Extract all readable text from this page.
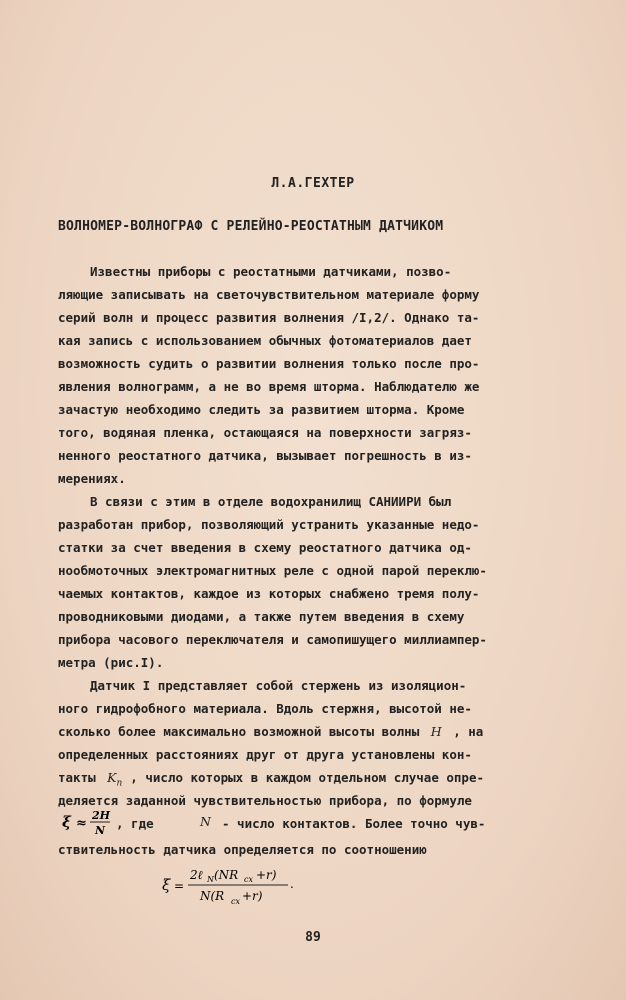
Л.А.ГЕХТЕР
ВОЛНОМЕР-ВОЛНОГРАФ С РЕЛЕЙНО-РЕОСТАТНЫМ ДАТЧИКОМ
Известны приборы с реостатными датчиками, позво-
ляющие записывать на светочувствительном материале форму
серий волн и процесс развития волнения /I,2/. Однако та-
кая запись с использованием обычных фотоматериалов дает
возможность судить о развитии волнения только после про-
явления волнограмм, а не во время шторма. Наблюдателю же
зачастую необходимо следить за развитием шторма. Кроме
того, водяная пленка, остающаяся на поверхности загряз-
ненного реостатного датчика, вызывает погрешность в из-
мерениях.
В связи с этим в отделе водохранилищ САНИИРИ был
разработан прибор, позволяющий устранить указанные недо-
статки за счет введения в схему реостатного датчика од-
нообмоточных электромагнитных реле с одной парой переклю-
чаемых контактов, каждое из которых снабжено тремя полу-
проводниковыми диодами, а также путем введения в схему
прибора часового переключателя и самопишущего миллиампер-
метра (рис.I).
Датчик I представляет собой стержень из изоляцион-
ного гидрофобного материала. Вдоль стержня, высотой не-
сколько более максимально возможной высоты волны H , на
определенных расстояниях друг от друга установлены кон-
такты $K_n$ , число которых в каждом отдельном случае опре-
деляется заданной чувствительностью прибора, по формуле
ξ ≈
2H
N , где	N - число контактов. Более точно чув-
ствительность датчика определяется по соотношению
ξ =
2ℓ N (NR cx +r)
N(R cx +r)
.
89
